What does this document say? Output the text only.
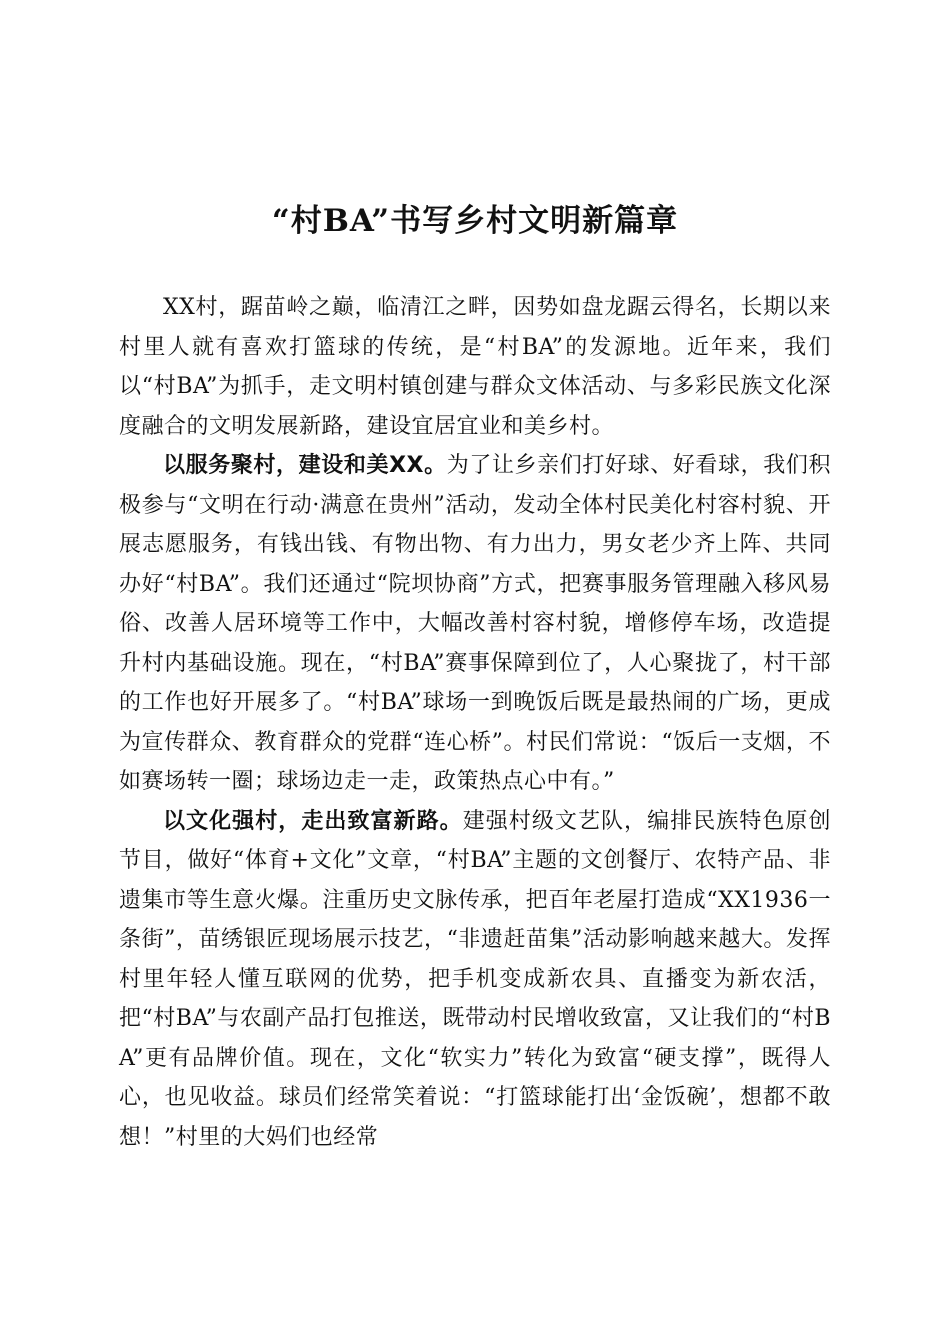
“村BA”书写乡村文明新篇章

XX村，踞苗岭之巅，临清江之畔，因势如盘龙踞云得名，长期以来村里人就有喜欢打篮球的传统，是“村BA”的发源地。近年来，我们以“村BA”为抓手，走文明村镇创建与群众文体活动、与多彩民族文化深度融合的文明发展新路，建设宜居宜业和美乡村。

以服务聚村，建设和美XX。为了让乡亲们打好球、好看球，我们积极参与“文明在行动·满意在贵州”活动，发动全体村民美化村容村貌、开展志愿服务，有钱出钱、有物出物、有力出力，男女老少齐上阵、共同办好“村BA”。我们还通过“院坝协商”方式，把赛事服务管理融入移风易俗、改善人居环境等工作中，大幅改善村容村貌，增修停车场，改造提升村内基础设施。现在，“村BA”赛事保障到位了，人心聚拢了，村干部的工作也好开展多了。“村BA”球场一到晚饭后既是最热闹的广场，更成为宣传群众、教育群众的党群“连心桥”。村民们常说：“饭后一支烟，不如赛场转一圈；球场边走一走，政策热点心中有。”

以文化强村，走出致富新路。建强村级文艺队，编排民族特色原创节目，做好“体育+文化”文章，“村BA”主题的文创餐厅、农特产品、非遗集市等生意火爆。注重历史文脉传承，把百年老屋打造成“XX1936一条街”，苗绣银匠现场展示技艺，“非遗赶苗集”活动影响越来越大。发挥村里年轻人懂互联网的优势，把手机变成新农具、直播变为新农活，把“村BA”与农副产品打包推送，既带动村民增收致富，又让我们的“村BA”更有品牌价值。现在，文化“软实力”转化为致富“硬支撑”，既得人心，也见收益。球员们经常笑着说：“打篮球能打出‘金饭碗’，想都不敢想！”村里的大妈们也经常
